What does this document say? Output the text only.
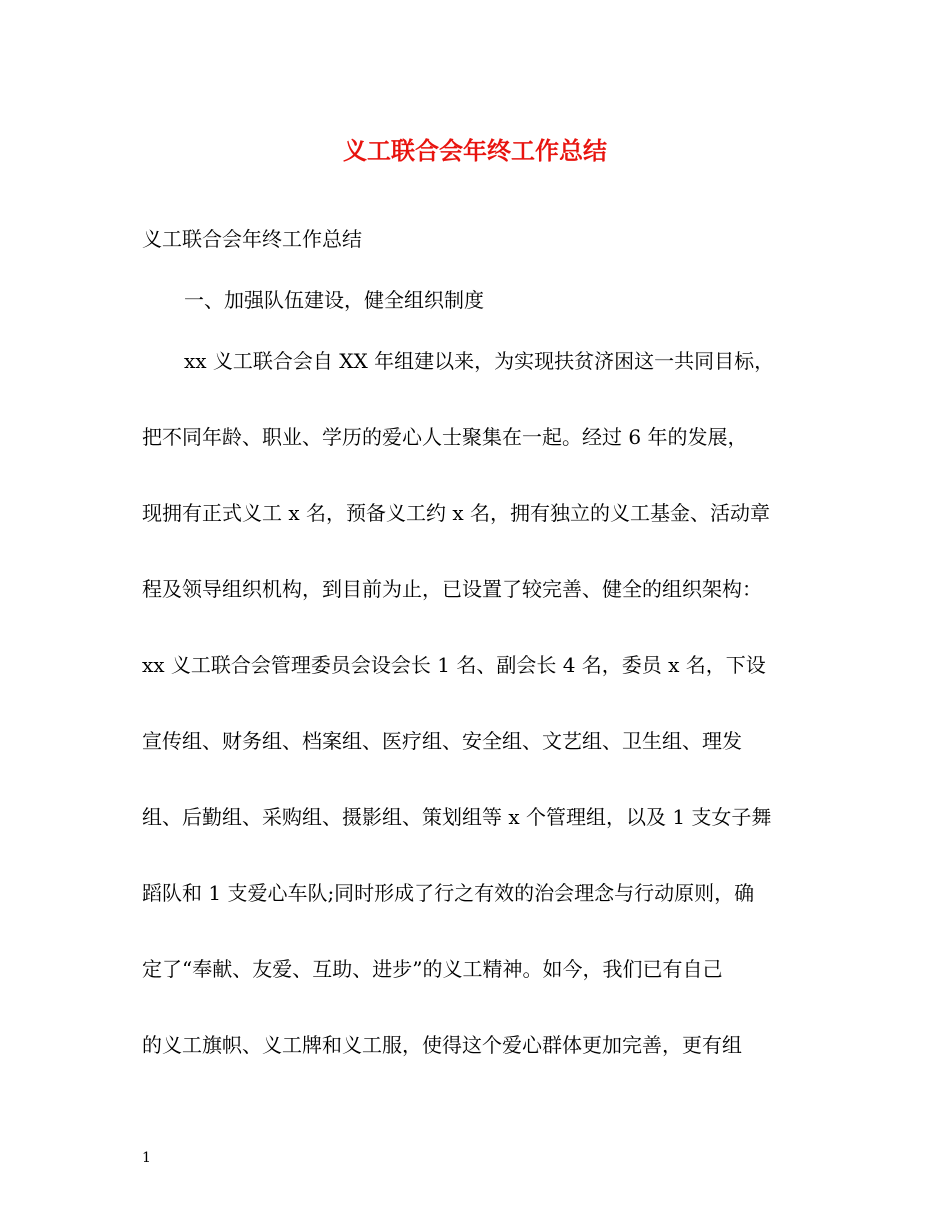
义工联合会年终工作总结

义工联合会年终工作总结

一、加强队伍建设，健全组织制度

xx 义工联合会自 XX 年组建以来，为实现扶贫济困这一共同目标，

把不同年龄、职业、学历的爱心人士聚集在一起。经过 6 年的发展，

现拥有正式义工 x 名，预备义工约 x 名，拥有独立的义工基金、活动章

程及领导组织机构，到目前为止，已设置了较完善、健全的组织架构：

xx 义工联合会管理委员会设会长 1 名、副会长 4 名，委员 x 名，下设

宣传组、财务组、档案组、医疗组、安全组、文艺组、卫生组、理发

组、后勤组、采购组、摄影组、策划组等 x 个管理组，以及 1 支女子舞

蹈队和 1 支爱心车队;同时形成了行之有效的治会理念与行动原则，确

定了“奉献、友爱、互助、进步”的义工精神。如今，我们已有自己

的义工旗帜、义工牌和义工服，使得这个爱心群体更加完善，更有组

1
